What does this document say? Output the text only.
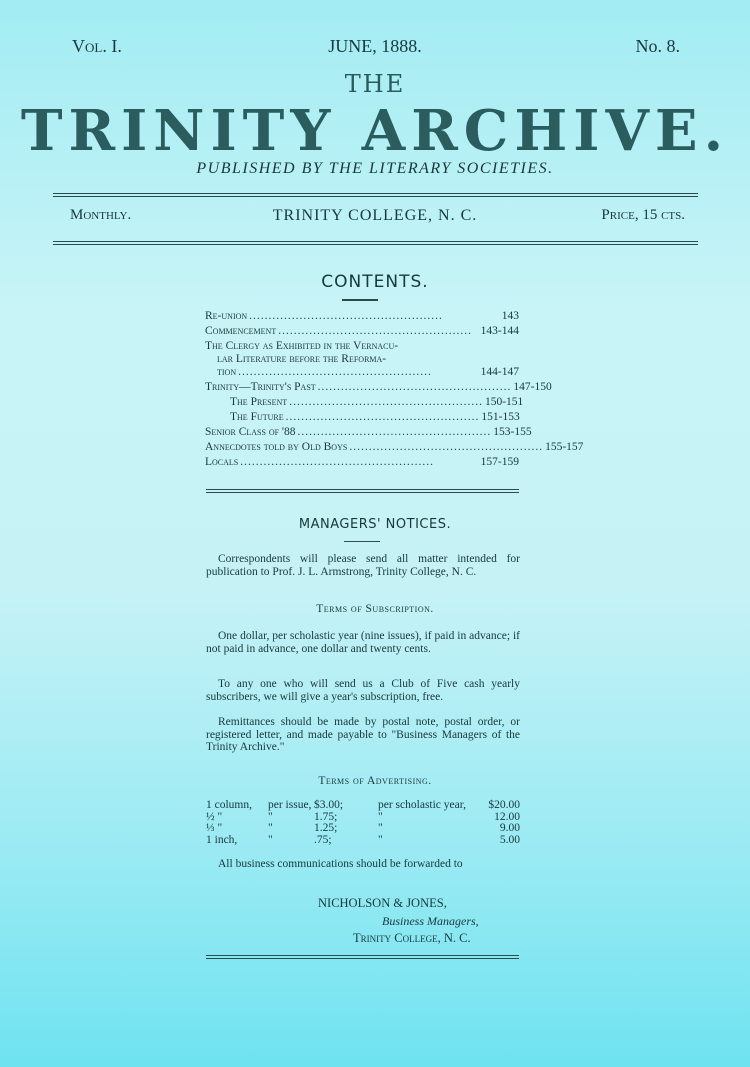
Vol. I.	JUNE, 1888.	No. 8.
THE
TRINITY ARCHIVE.
PUBLISHED BY THE LITERARY SOCIETIES.
Monthly.	TRINITY COLLEGE, N. C.	Price, 15 cts.
CONTENTS.
Re-union ..................................................	143
Commencement .................................................. 143-144
The Clergy as Exhibited in the Vernacu-
lar Literature before the Reforma-
tion ..................................................	144-147
Trinity—Trinity's Past .................................................. 147-150
The Present .................................................. 150-151
The Future .................................................. 151-153
Senior Class of '88 .................................................. 153-155
Annecdotes told by Old Boys .................................................. 155-157
Locals ..................................................	157-159
MANAGERS' NOTICES.
Correspondents will please send all matter intended for publication to Prof. J. L. Armstrong, Trinity College, N. C.
Terms of Subscription.
One dollar, per scholastic year (nine issues), if paid in advance; if not paid in advance, one dollar and twenty cents.
To any one who will send us a Club of Five cash yearly subscribers, we will give a year's subscription, free.
Remittances should be made by postal note, postal order, or registered letter, and made payable to "Business Managers of the Trinity Archive."
Terms of Advertising.
1 column,	per issue, $3.00;	per scholastic year,	$20.00
½ "	"	1.75;	"	12.00
⅓ "	"	1.25;	"	9.00
1 inch,	"	.75;	"	5.00
All business communications should be forwarded to
NICHOLSON & JONES,
Business Managers,
Trinity College, N. C.
